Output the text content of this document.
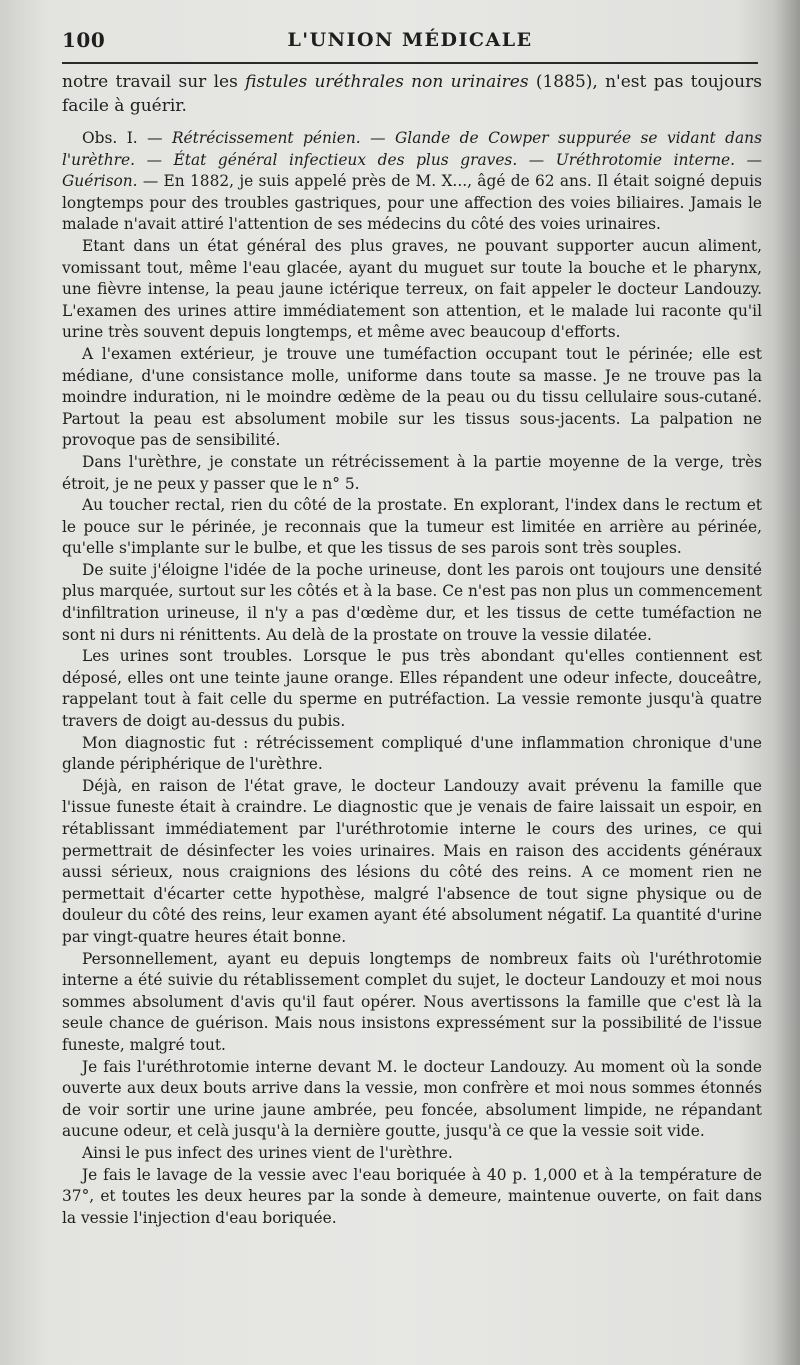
100	L'UNION MÉDICALE

notre travail sur les fistules uréthrales non urinaires (1885), n'est pas toujours facile à guérir.

Obs. I. — Rétrécissement pénien. — Glande de Cowper suppurée se vidant dans l'urèthre. — État général infectieux des plus graves. — Uréthrotomie interne. — Guérison. — En 1882, je suis appelé près de M. X..., âgé de 62 ans. Il était soigné depuis longtemps pour des troubles gastriques, pour une affection des voies biliaires. Jamais le malade n'avait attiré l'attention de ses médecins du côté des voies urinaires.

Etant dans un état général des plus graves, ne pouvant supporter aucun aliment, vomissant tout, même l'eau glacée, ayant du muguet sur toute la bouche et le pharynx, une fièvre intense, la peau jaune ictérique terreux, on fait appeler le docteur Landouzy. L'examen des urines attire immédiatement son attention, et le malade lui raconte qu'il urine très souvent depuis longtemps, et même avec beaucoup d'efforts.

A l'examen extérieur, je trouve une tuméfaction occupant tout le périnée; elle est médiane, d'une consistance molle, uniforme dans toute sa masse. Je ne trouve pas la moindre induration, ni le moindre œdème de la peau ou du tissu cellulaire sous-cutané. Partout la peau est absolument mobile sur les tissus sous-jacents. La palpation ne provoque pas de sensibilité.

Dans l'urèthre, je constate un rétrécissement à la partie moyenne de la verge, très étroit, je ne peux y passer que le n° 5.

Au toucher rectal, rien du côté de la prostate. En explorant, l'index dans le rectum et le pouce sur le périnée, je reconnais que la tumeur est limitée en arrière au périnée, qu'elle s'implante sur le bulbe, et que les tissus de ses parois sont très souples.

De suite j'éloigne l'idée de la poche urineuse, dont les parois ont toujours une densité plus marquée, surtout sur les côtés et à la base. Ce n'est pas non plus un commencement d'infiltration urineuse, il n'y a pas d'œdème dur, et les tissus de cette tuméfaction ne sont ni durs ni rénittents. Au delà de la prostate on trouve la vessie dilatée.

Les urines sont troubles. Lorsque le pus très abondant qu'elles contiennent est déposé, elles ont une teinte jaune orange. Elles répandent une odeur infecte, douceâtre, rappelant tout à fait celle du sperme en putréfaction. La vessie remonte jusqu'à quatre travers de doigt au-dessus du pubis.

Mon diagnostic fut : rétrécissement compliqué d'une inflammation chronique d'une glande périphérique de l'urèthre.

Déjà, en raison de l'état grave, le docteur Landouzy avait prévenu la famille que l'issue funeste était à craindre. Le diagnostic que je venais de faire laissait un espoir, en rétablissant immédiatement par l'uréthrotomie interne le cours des urines, ce qui permettrait de désinfecter les voies urinaires. Mais en raison des accidents généraux aussi sérieux, nous craignions des lésions du côté des reins. A ce moment rien ne permettait d'écarter cette hypothèse, malgré l'absence de tout signe physique ou de douleur du côté des reins, leur examen ayant été absolument négatif. La quantité d'urine par vingt-quatre heures était bonne.

Personnellement, ayant eu depuis longtemps de nombreux faits où l'uréthrotomie interne a été suivie du rétablissement complet du sujet, le docteur Landouzy et moi nous sommes absolument d'avis qu'il faut opérer. Nous avertissons la famille que c'est là la seule chance de guérison. Mais nous insistons expressément sur la possibilité de l'issue funeste, malgré tout.

Je fais l'uréthrotomie interne devant M. le docteur Landouzy. Au moment où la sonde ouverte aux deux bouts arrive dans la vessie, mon confrère et moi nous sommes étonnés de voir sortir une urine jaune ambrée, peu foncée, absolument limpide, ne répandant aucune odeur, et celà jusqu'à la dernière goutte, jusqu'à ce que la vessie soit vide.

Ainsi le pus infect des urines vient de l'urèthre.

Je fais le lavage de la vessie avec l'eau boriquée à 40 p. 1,000 et à la température de 37°, et toutes les deux heures par la sonde à demeure, maintenue ouverte, on fait dans la vessie l'injection d'eau boriquée.
